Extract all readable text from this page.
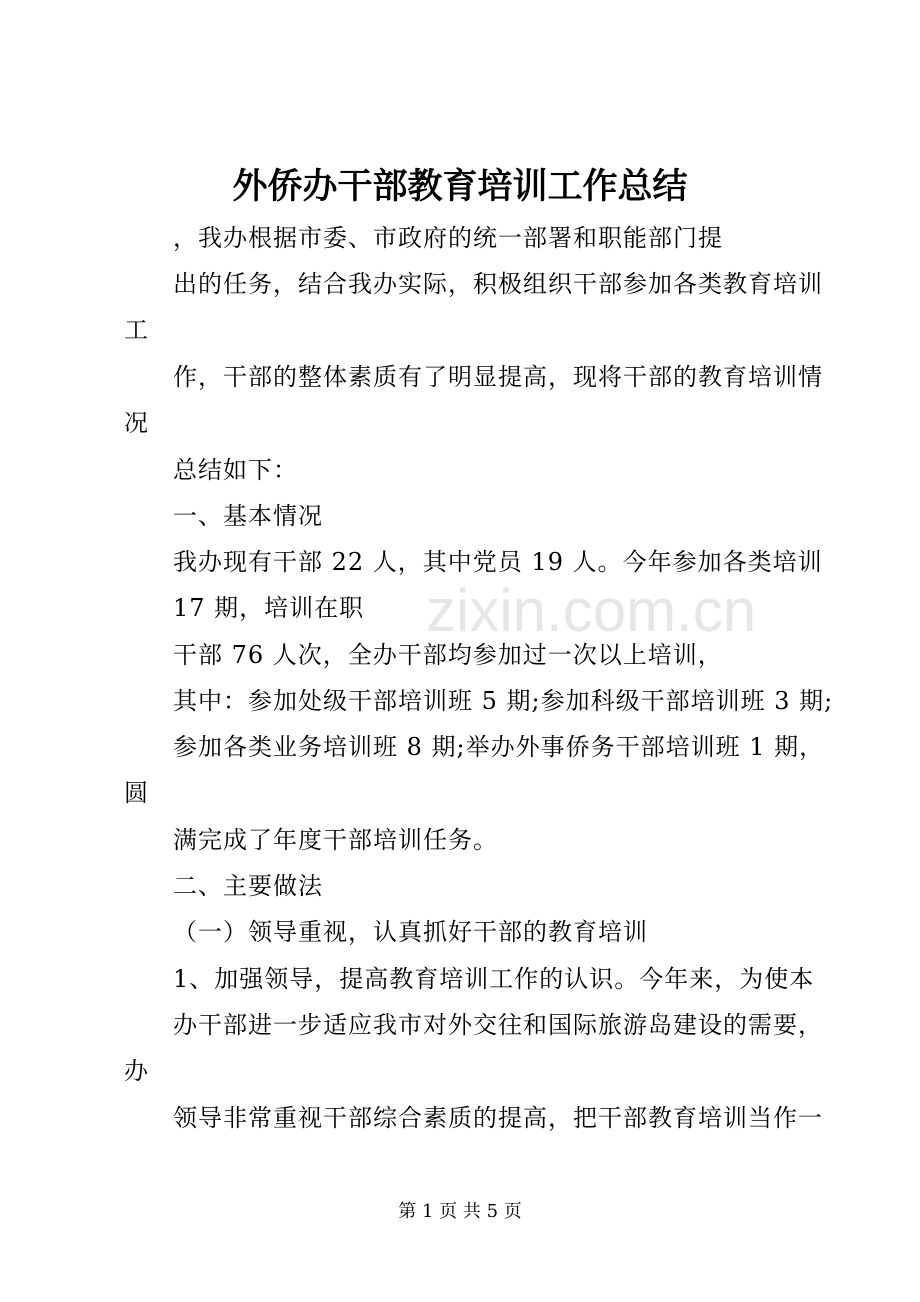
zixin.com.cn
外侨办干部教育培训工作总结
，我办根据市委、市政府的统一部署和职能部门提
出的任务，结合我办实际，积极组织干部参加各类教育培训
工
作，干部的整体素质有了明显提高，现将干部的教育培训情
况
总结如下：
一、基本情况
我办现有干部 22 人，其中党员 19 人。今年参加各类培训
17 期，培训在职
干部 76 人次，全办干部均参加过一次以上培训，
其中：参加处级干部培训班 5 期;参加科级干部培训班 3 期;
参加各类业务培训班 8 期;举办外事侨务干部培训班 1 期，
圆
满完成了年度干部培训任务。
二、主要做法
（一）领导重视，认真抓好干部的教育培训
1、加强领导，提高教育培训工作的认识。今年来，为使本
办干部进一步适应我市对外交往和国际旅游岛建设的需要，
办
领导非常重视干部综合素质的提高，把干部教育培训当作一
第 1 页 共 5 页
